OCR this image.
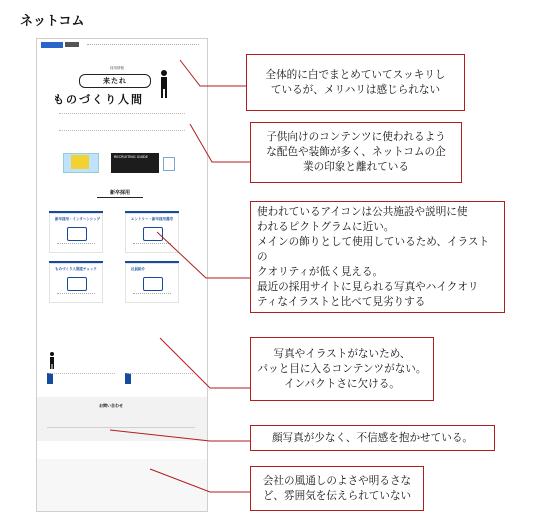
ネットコム
採用情報
来たれ
ものづくり人間
RECRUITING GUIDE
新卒採用
新卒採用・インターンシップ	エントリー・新卒採用選考
ものづくり人間度チェック	社員紹介
お問い合わせ
全体的に白でまとめていてスッキリし
ているが、メリハリは感じられない
子供向けのコンテンツに使われるよう
な配色や装飾が多く、ネットコムの企
業の印象と離れている
使われているアイコンは公共施設や説明に使
われるピクトグラムに近い。
メインの飾りとして使用しているため、イラストの
クオリティが低く見える。
最近の採用サイトに見られる写真やハイクオリ
ティなイラストと比べて見劣りする
写真やイラストがないため、
パッと目に入るコンテンツがない。
インパクトさに欠ける。
顔写真が少なく、不信感を抱かせている。
会社の風通しのよさや明るさな
ど、雰囲気を伝えられていない
